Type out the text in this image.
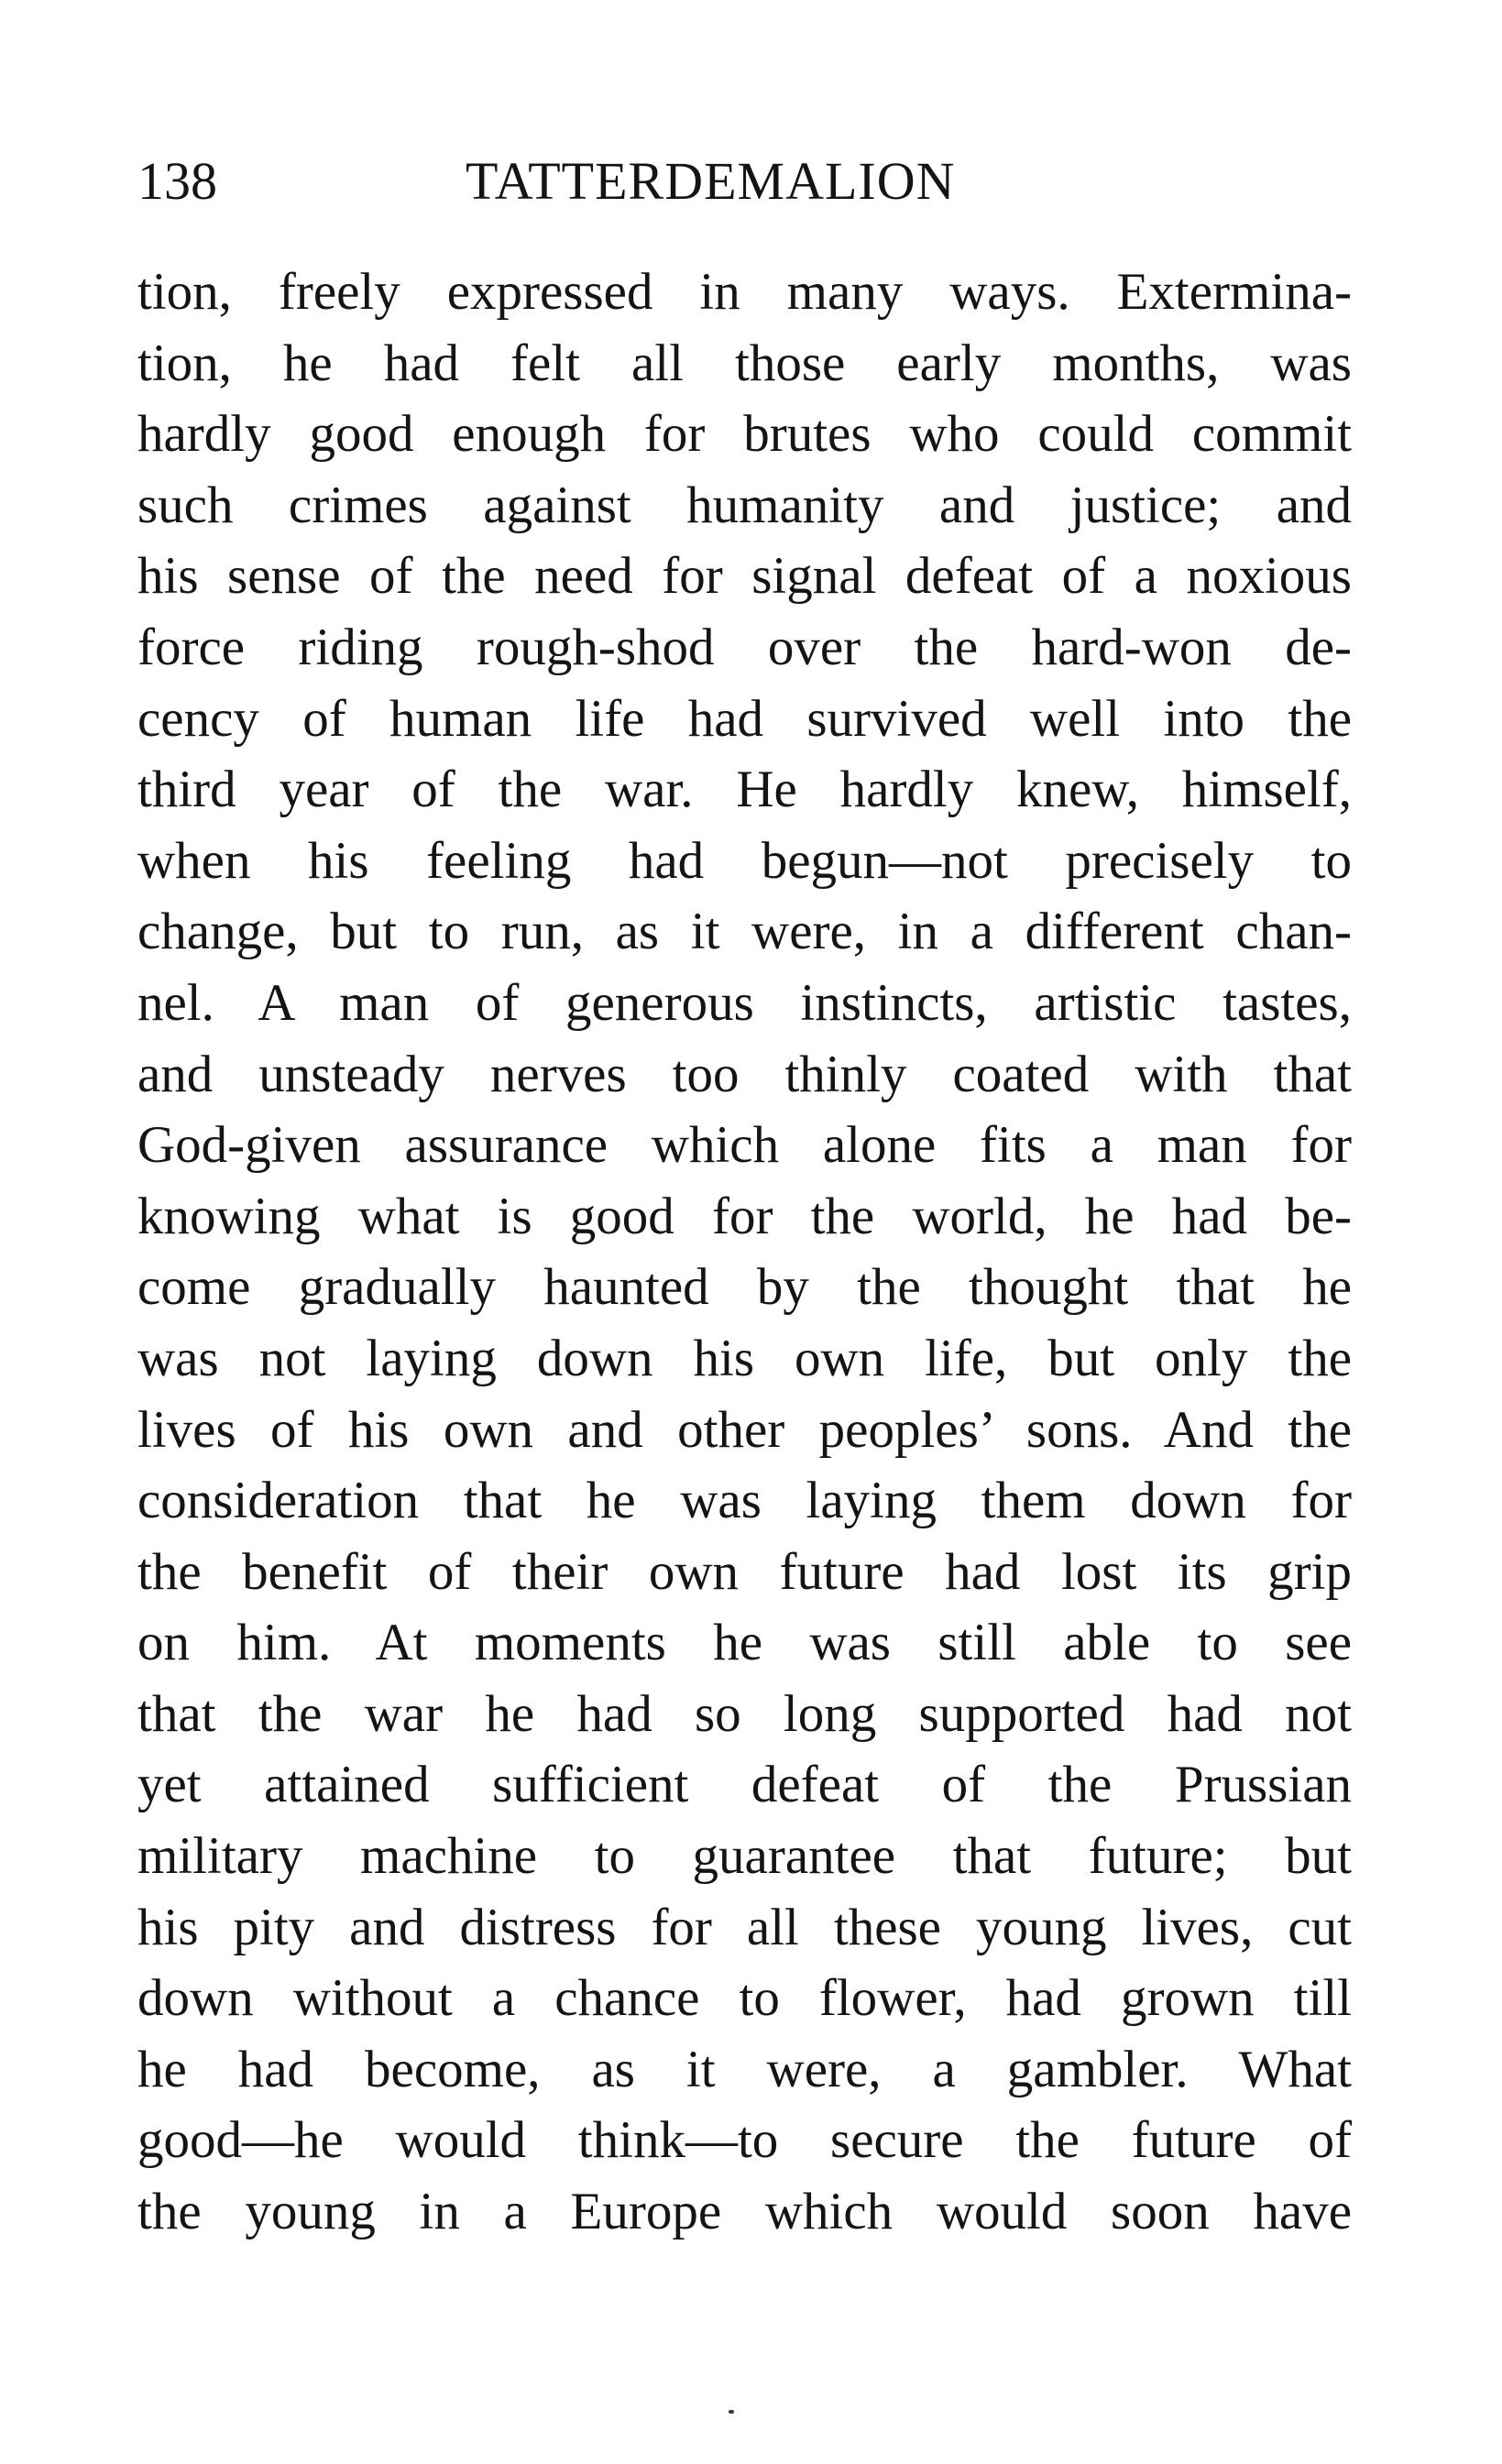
138	TATTERDEMALION
tion, freely expressed in many ways. Extermina-
tion, he had felt all those early months, was
hardly good enough for brutes who could commit
such crimes against humanity and justice; and
his sense of the need for signal defeat of a noxious
force riding rough-shod over the hard-won de-
cency of human life had survived well into the
third year of the war. He hardly knew, himself,
when his feeling had begun—not precisely to
change, but to run, as it were, in a different chan-
nel. A man of generous instincts, artistic tastes,
and unsteady nerves too thinly coated with that
God-given assurance which alone fits a man for
knowing what is good for the world, he had be-
come gradually haunted by the thought that he
was not laying down his own life, but only the
lives of his own and other peoples’ sons. And the
consideration that he was laying them down for
the benefit of their own future had lost its grip
on him. At moments he was still able to see
that the war he had so long supported had not
yet attained sufficient defeat of the Prussian
military machine to guarantee that future; but
his pity and distress for all these young lives, cut
down without a chance to flower, had grown till
he had become, as it were, a gambler. What
good—he would think—to secure the future of
the young in a Europe which would soon have
